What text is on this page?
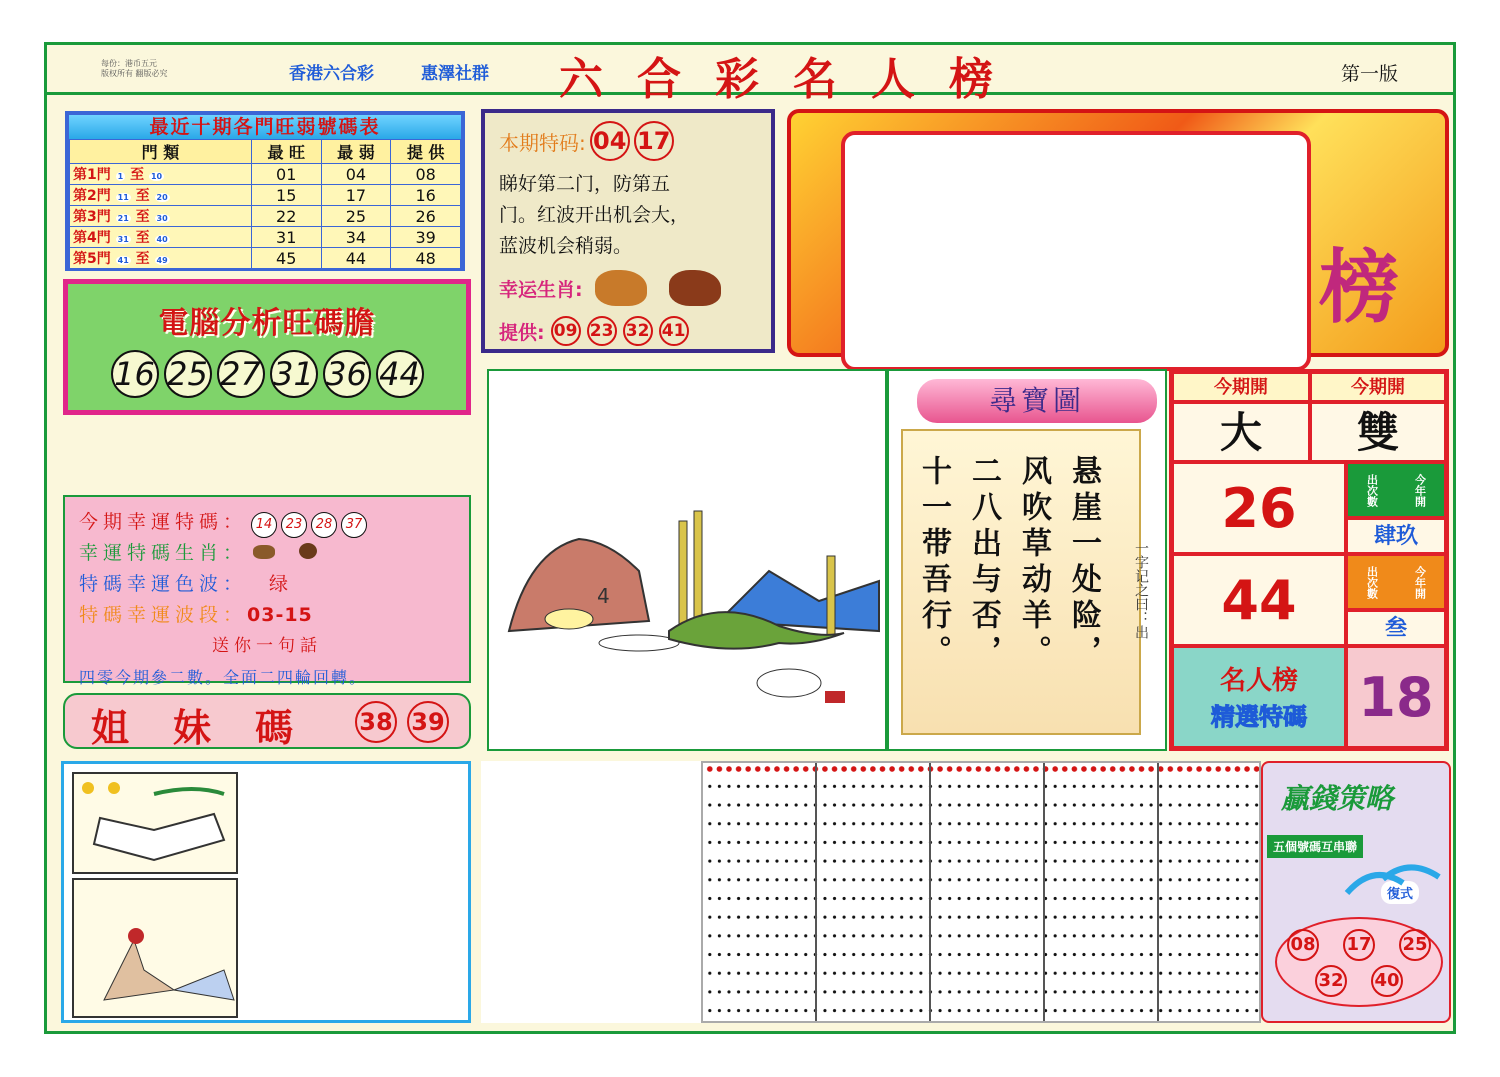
每份：港币五元
版权所有 翻版必究	香港六合彩	惠澤社群 六合彩名人榜	第一版
最近十期各門旺弱號碼表
門 類	最 旺	最 弱	提 供
第1門 1 至 10	01	04	08
第2門 11 至 20	15	17	16
第3門 21 至 30	22	25	26
第4門 31 至 40	31	34	39
第5門 41 至 49	45	44	48
電腦分析旺碼膽
16 25 27 31 36 44
本期特码: 04 17
睇好第二门，防第五
门。红波开出机会大，
蓝波机会稍弱。
幸运生肖:
提供: 09 23 32 41	榜
4
尋寶圖
悬崖一处险，
风吹草动羊。
二八出与否，
十一带吾行。	一字记之曰：出
今期開	今期開
大	雙
26	出次數	今年開
肆玖
44	出次數	今年開
叁
名人榜
精選特碼 18
今期幸運特碼： 14 23 28 37
幸運特碼生肖：
特碼幸運色波： 绿
特碼幸運波段：03-15
送你一句話
四零今期參二數。全面二四輪回轉。
姐妹碼 38 39
贏錢策略
五個號碼互串聯
復式
08 17 25
32 40
